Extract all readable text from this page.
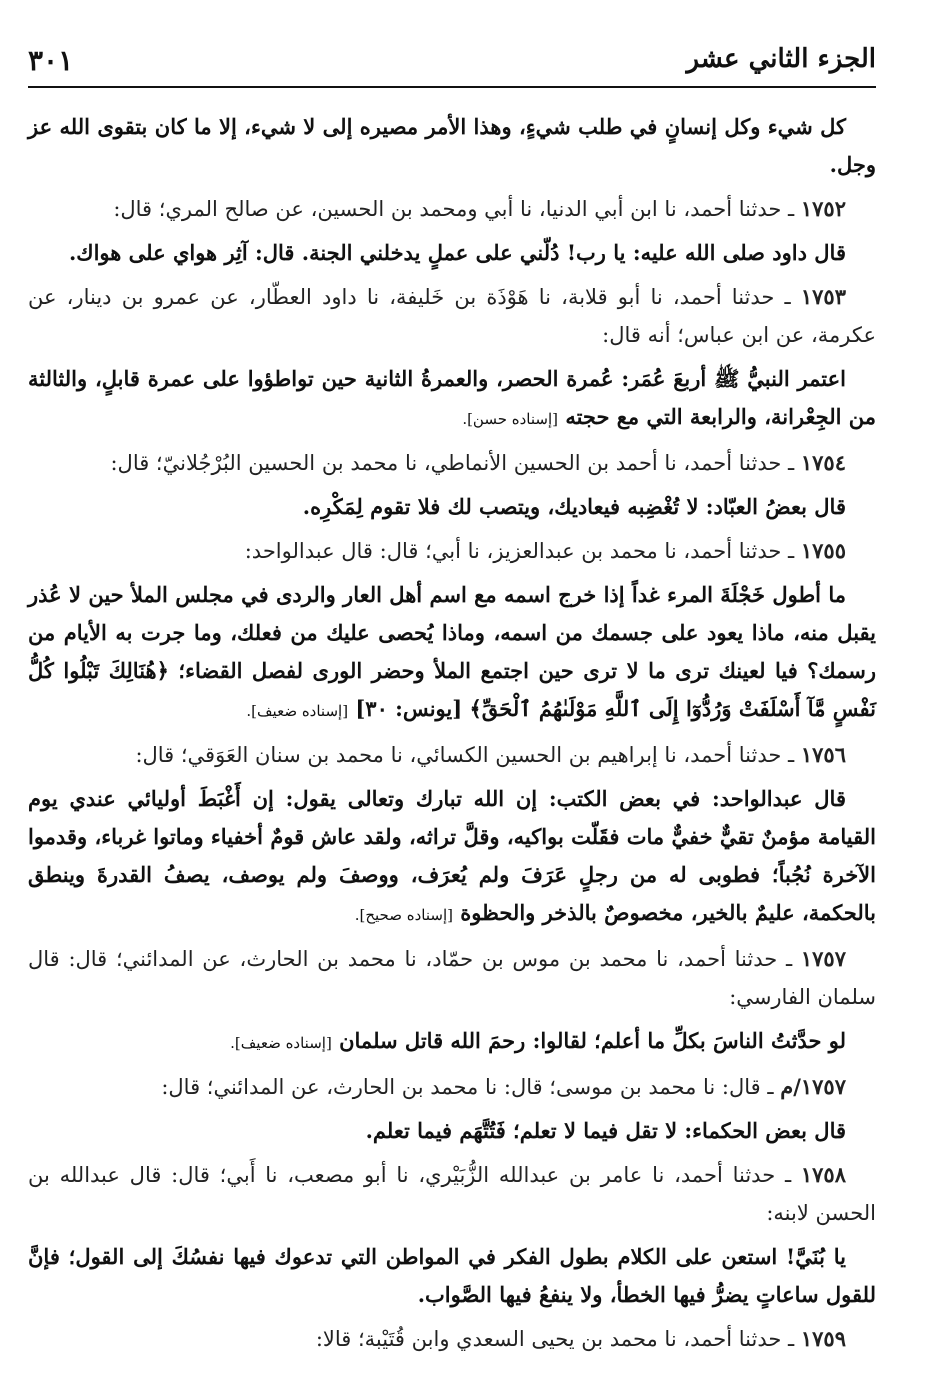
٣٠١	الجزء الثاني عشر
كل شيء وكل إنسانٍ في طلب شيءٍ، وهذا الأمر مصيره إلى لا شيء، إلا ما كان بتقوى الله عز وجل.
١٧٥٢ ـ حدثنا أحمد، نا ابن أبي الدنيا، نا أبي ومحمد بن الحسين، عن صالح المري؛ قال:
قال داود صلى الله عليه: يا رب! دُلّني على عملٍ يدخلني الجنة. قال: آثِر هواي على هواك.
١٧٥٣ ـ حدثنا أحمد، نا أبو قلابة، نا هَوْذَة بن خَليفة، نا داود العطّار، عن عمرو بن دينار، عن عكرمة، عن ابن عباس؛ أنه قال:
اعتمر النبيُّ ﷺ أربعَ عُمَر: عُمرة الحصر، والعمرةُ الثانية حين تواطؤوا على عمرة قابلٍ، والثالثة من الجِعْرانة، والرابعة التي مع حجته [إسناده حسن].
١٧٥٤ ـ حدثنا أحمد، نا أحمد بن الحسين الأنماطي، نا محمد بن الحسين البُرْجُلانيّ؛ قال:
قال بعضُ العبّاد: لا تُغْضِبه فيعاديك، ويتصب لك فلا تقوم لِمَكْرِه.
١٧٥٥ ـ حدثنا أحمد، نا محمد بن عبدالعزيز، نا أبي؛ قال: قال عبدالواحد:
ما أطول خَجْلَةَ المرء غداً إذا خرج اسمه مع اسم أهل العار والردى في مجلس الملأ حين لا عُذر يقبل منه، ماذا يعود على جسمك من اسمه، وماذا يُحصى عليك من فعلك، وما جرت به الأيام من رسمك؟ فيا لعينك ترى ما لا ترى حين اجتمع الملأ وحضر الورى لفصل القضاء؛ ﴿هُنَالِكَ تَبْلُوا كُلُّ نَفْسٍ مَّآ أَسْلَفَتْ وَرُدُّوٓا إِلَى ٱللَّهِ مَوْلَىٰهُمُ ٱلْحَقِّ﴾ [يونس: ٣٠] [إسناده ضعيف].
١٧٥٦ ـ حدثنا أحمد، نا إبراهيم بن الحسين الكسائي، نا محمد بن سنان العَوَقي؛ قال:
قال عبدالواحد: في بعض الكتب: إن الله تبارك وتعالى يقول: إن أَغْبَطَ أوليائي عندي يوم القيامة مؤمنٌ تقيٌّ خفيٌّ مات فقَلّت بواكيه، وقلَّ تراثه، ولقد عاش قومٌ أخفياء وماتوا غرباء، وقدموا الآخرة نُجُباً؛ فطوبى له من رجلٍ عَرَفَ ولم يُعرَف، ووصفَ ولم يوصف، يصفُ القدرةَ وينطق بالحكمة، عليمٌ بالخير، مخصوصٌ بالذخر والحظوة [إسناده صحيح].
١٧٥٧ ـ حدثنا أحمد، نا محمد بن موس بن حمّاد، نا محمد بن الحارث، عن المدائني؛ قال: قال سلمان الفارسي:
لو حدَّثتُ الناسَ بكلِّ ما أعلم؛ لقالوا: رحمَ الله قاتل سلمان [إسناده ضعيف].
١٧٥٧/م ـ قال: نا محمد بن موسى؛ قال: نا محمد بن الحارث، عن المدائني؛ قال:
قال بعض الحكماء: لا تقل فيما لا تعلم؛ فَتُتَّهَم فيما تعلم.
١٧٥٨ ـ حدثنا أحمد، نا عامر بن عبدالله الزُّبَيْري، نا أبو مصعب، نا أَبي؛ قال: قال عبدالله بن الحسن لابنه:
يا بُنَيَّ! استعن على الكلام بطول الفكر في المواطن التي تدعوك فيها نفسُكَ إلى القول؛ فإنَّ للقول ساعاتٍ يضرُّ فيها الخطأ، ولا ينفعُ فيها الصَّواب.
١٧٥٩ ـ حدثنا أحمد، نا محمد بن يحيى السعدي وابن قُتَيْبة؛ قالا:
